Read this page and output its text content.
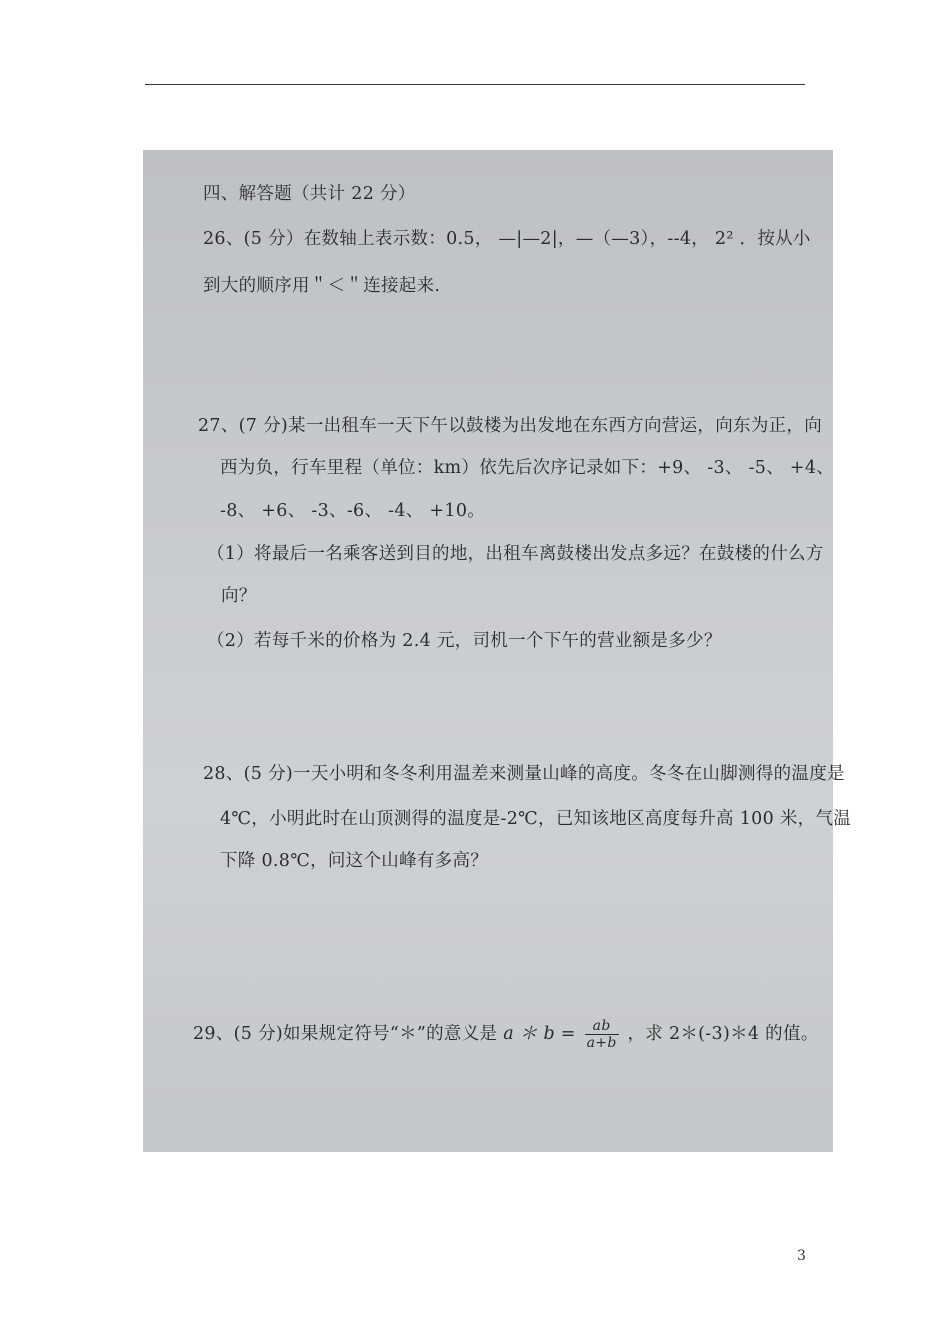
四、解答题（共计 22 分）
26、(5 分）在数轴上表示数：0.5， —|—2|，—（—3），--4， 2² ．按从小
到大的顺序用＂＜＂连接起来.
27、(7 分)某一出租车一天下午以鼓楼为出发地在东西方向营运，向东为正，向
西为负，行车里程（单位：km）依先后次序记录如下：+9、 -3、 -5、 +4、
-8、 +6、 -3、-6、 -4、 +10。
（1）将最后一名乘客送到目的地，出租车离鼓楼出发点多远？在鼓楼的什么方
向？
（2）若每千米的价格为 2.4 元，司机一个下午的营业额是多少？
28、(5 分)一天小明和冬冬利用温差来测量山峰的高度。冬冬在山脚测得的温度是
4℃，小明此时在山顶测得的温度是-2℃，已知该地区高度每升高 100 米，气温
下降 0.8℃，问这个山峰有多高？
29、(5 分)如果规定符号“＊”的意义是 a ＊ $b = \frac{ab}{a+b}$ ，求 2＊(-3)＊4 的值。
3
